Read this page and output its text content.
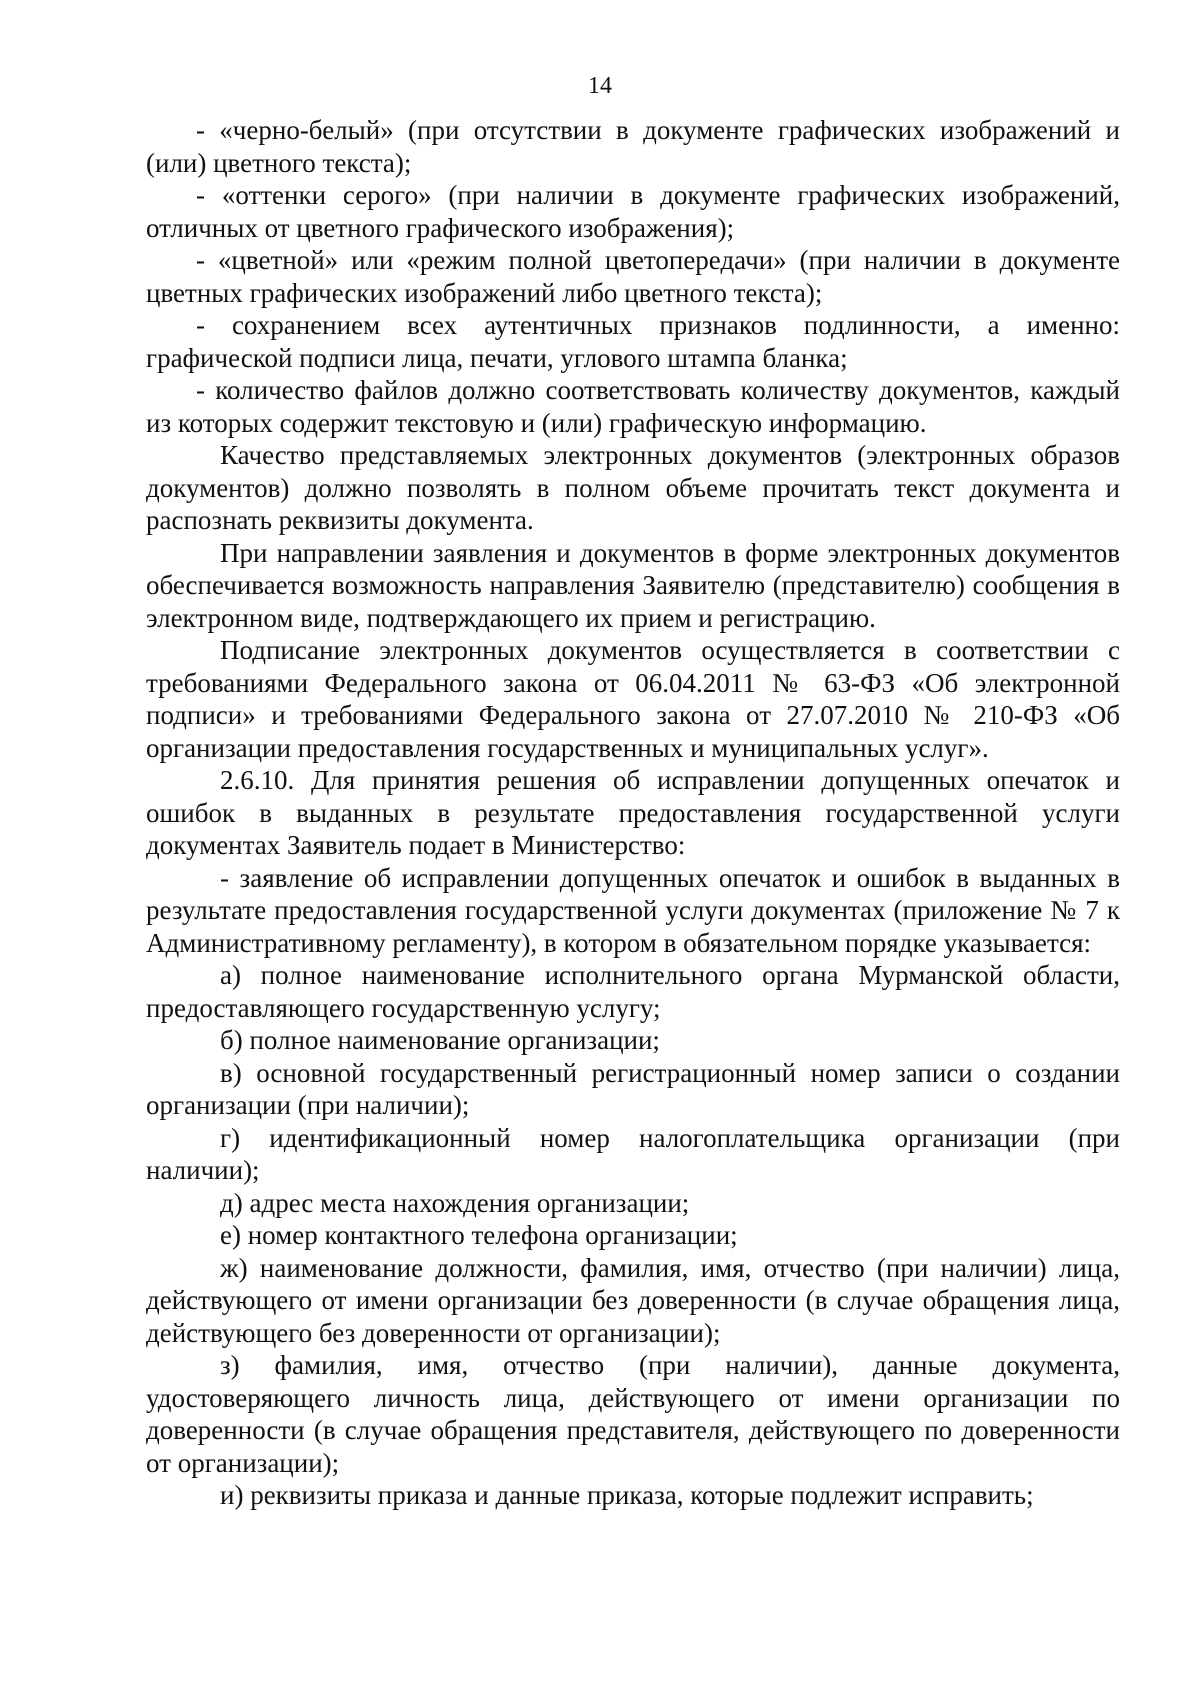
14

- «черно-белый» (при отсутствии в документе графических изображений и (или) цветного текста);

- «оттенки серого» (при наличии в документе графических изображений, отличных от цветного графического изображения);

- «цветной» или «режим полной цветопередачи» (при наличии в документе цветных графических изображений либо цветного текста);

- сохранением всех аутентичных признаков подлинности, а именно: графической подписи лица, печати, углового штампа бланка;

- количество файлов должно соответствовать количеству документов, каждый из которых содержит текстовую и (или) графическую информацию.

Качество представляемых электронных документов (электронных образов документов) должно позволять в полном объеме прочитать текст документа и распознать реквизиты документа.

При направлении заявления и документов в форме электронных документов обеспечивается возможность направления Заявителю (представителю) сообщения в электронном виде, подтверждающего их прием и регистрацию.

Подписание электронных документов осуществляется в соответствии с требованиями Федерального закона от 06.04.2011 № 63-ФЗ «Об электронной подписи» и требованиями Федерального закона от 27.07.2010 № 210-ФЗ «Об организации предоставления государственных и муниципальных услуг».

2.6.10. Для принятия решения об исправлении допущенных опечаток и ошибок в выданных в результате предоставления государственной услуги документах Заявитель подает в Министерство:

- заявление об исправлении допущенных опечаток и ошибок в выданных в результате предоставления государственной услуги документах (приложение № 7 к Административному регламенту), в котором в обязательном порядке указывается:

а) полное наименование исполнительного органа Мурманской области, предоставляющего государственную услугу;

б) полное наименование организации;

в) основной государственный регистрационный номер записи о создании организации (при наличии);

г) идентификационный номер налогоплательщика организации (при наличии);

д) адрес места нахождения организации;

е) номер контактного телефона организации;

ж) наименование должности, фамилия, имя, отчество (при наличии) лица, действующего от имени организации без доверенности (в случае обращения лица, действующего без доверенности от организации);

з) фамилия, имя, отчество (при наличии), данные документа, удостоверяющего личность лица, действующего от имени организации по доверенности (в случае обращения представителя, действующего по доверенности от организации);

и) реквизиты приказа и данные приказа, которые подлежит исправить;
